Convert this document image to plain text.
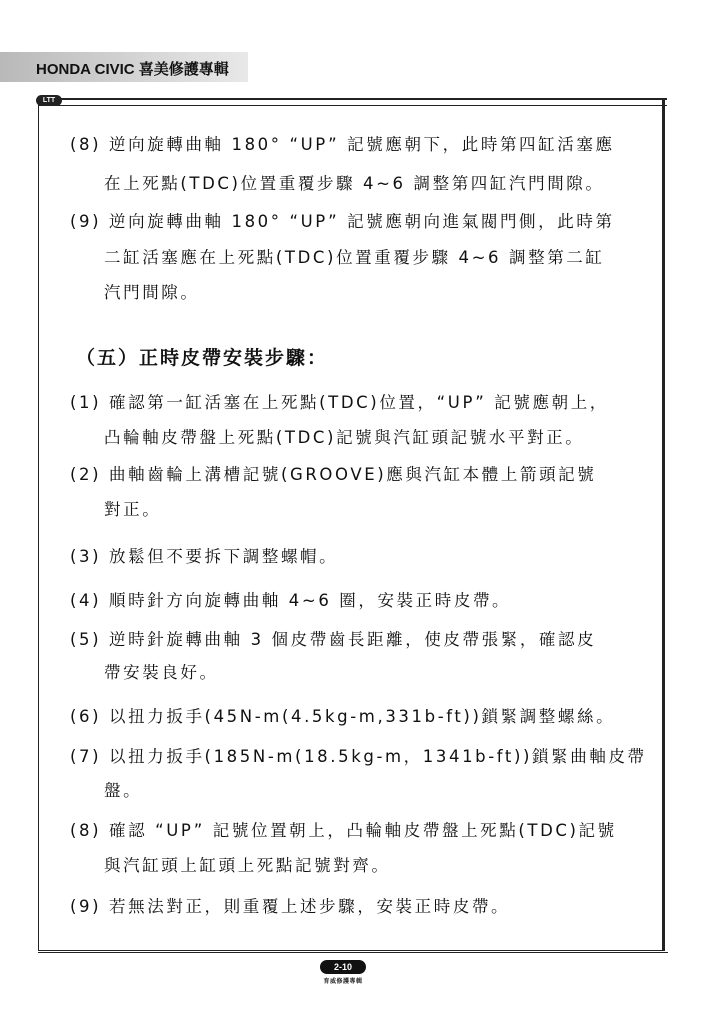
HONDA CIVIC 喜美修護專輯
LTT
(8) 逆向旋轉曲軸 180° “UP” 記號應朝下，此時第四缸活塞應
在上死點(TDC)位置重覆步驟 4~6 調整第四缸汽門間隙。
(9) 逆向旋轉曲軸 180° “UP” 記號應朝向進氣閥門側，此時第
二缸活塞應在上死點(TDC)位置重覆步驟 4~6 調整第二缸
汽門間隙。
（五）正時皮帶安裝步驟：
(1) 確認第一缸活塞在上死點(TDC)位置，“UP” 記號應朝上，
凸輪軸皮帶盤上死點(TDC)記號與汽缸頭記號水平對正。
(2) 曲軸齒輪上溝槽記號(GROOVE)應與汽缸本體上箭頭記號
對正。
(3) 放鬆但不要拆下調整螺帽。
(4) 順時針方向旋轉曲軸 4~6 圈，安裝正時皮帶。
(5) 逆時針旋轉曲軸 3 個皮帶齒長距離，使皮帶張緊，確認皮
帶安裝良好。
(6) 以扭力扳手(45N-m(4.5kg-m,331b-ft))鎖緊調整螺絲。
(7) 以扭力扳手(185N-m(18.5kg-m，1341b-ft))鎖緊曲軸皮帶
盤。
(8) 確認 “UP” 記號位置朝上，凸輪軸皮帶盤上死點(TDC)記號
與汽缸頭上缸頭上死點記號對齊。
(9) 若無法對正，則重覆上述步驟，安裝正時皮帶。
2-10
育威修護專輯
